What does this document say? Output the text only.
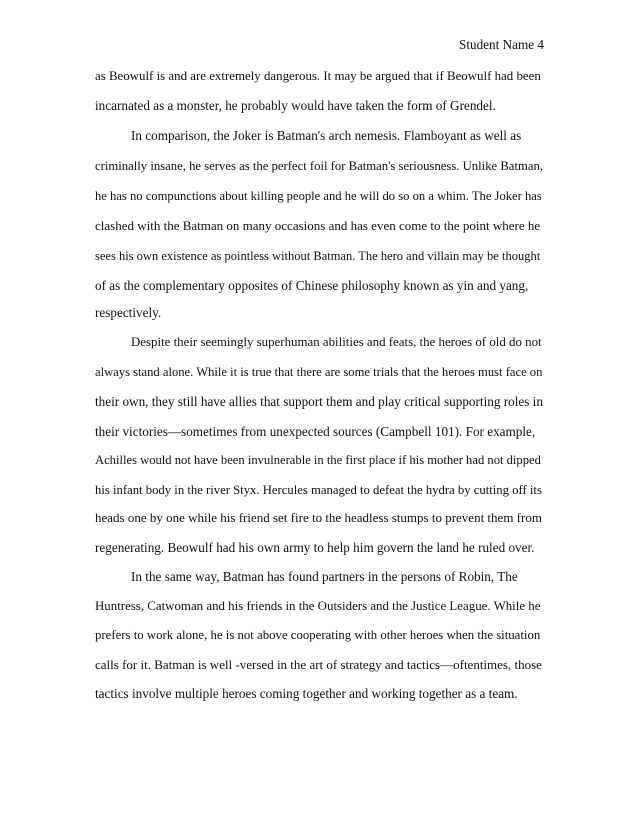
Student Name 4
as Beowulf is and are extremely dangerous. It may be argued that if Beowulf had been
incarnated as a monster, he probably would have taken the form of Grendel.
In comparison, the Joker is Batman's arch nemesis. Flamboyant as well as
criminally insane, he serves as the perfect foil for Batman's seriousness. Unlike Batman,
he has no compunctions about killing people and he will do so on a whim. The Joker has
clashed with the Batman on many occasions and has even come to the point where he
sees his own existence as pointless without Batman. The hero and villain may be thought
of as the complementary opposites of Chinese philosophy known as yin and yang,
respectively.
Despite their seemingly superhuman abilities and feats, the heroes of old do not
always stand alone. While it is true that there are some trials that the heroes must face on
their own, they still have allies that support them and play critical supporting roles in
their victories—sometimes from unexpected sources (Campbell 101). For example,
Achilles would not have been invulnerable in the first place if his mother had not dipped
his infant body in the river Styx. Hercules managed to defeat the hydra by cutting off its
heads one by one while his friend set fire to the headless stumps to prevent them from
regenerating. Beowulf had his own army to help him govern the land he ruled over.
In the same way, Batman has found partners in the persons of Robin, The
Huntress, Catwoman and his friends in the Outsiders and the Justice League. While he
prefers to work alone, he is not above cooperating with other heroes when the situation
calls for it. Batman is well -versed in the art of strategy and tactics—oftentimes, those
tactics involve multiple heroes coming together and working together as a team.
